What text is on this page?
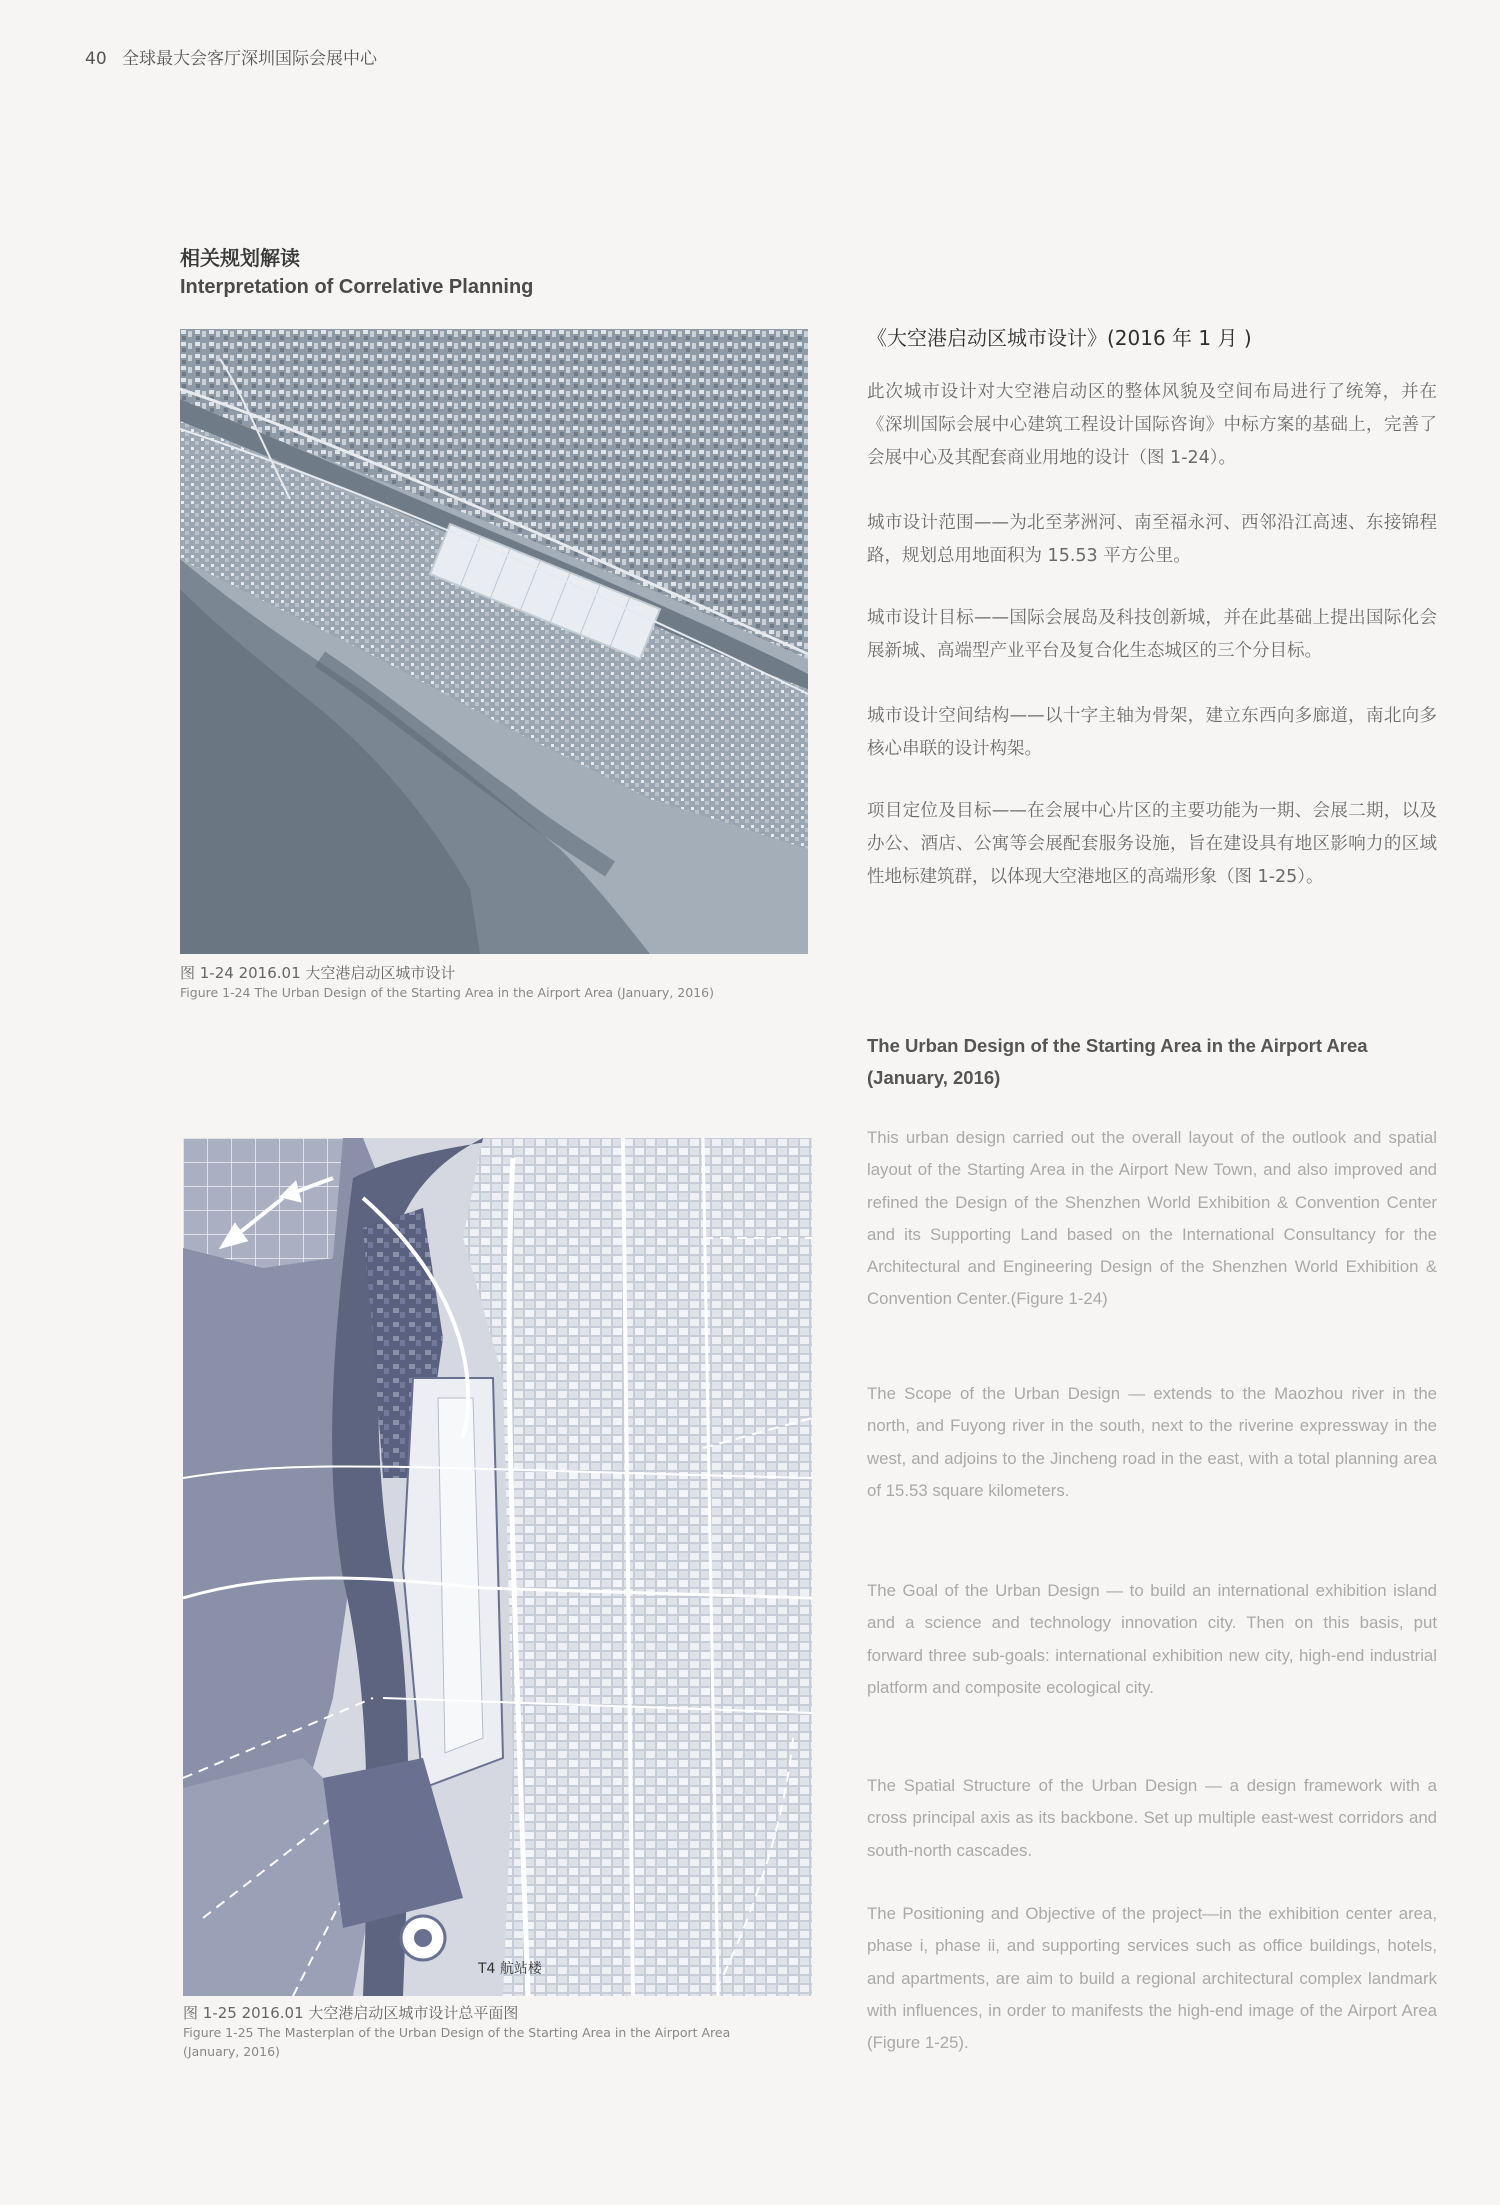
40 全球最大会客厅深圳国际会展中心
相关规划解读
Interpretation of Correlative Planning
图 1-24 2016.01 大空港启动区城市设计
Figure 1-24 The Urban Design of the Starting Area in the Airport Area (January, 2016)
T4 航站楼
图 1-25 2016.01 大空港启动区城市设计总平面图
Figure 1-25 The Masterplan of the Urban Design of the Starting Area in the Airport Area
(January, 2016)
《大空港启动区城市设计》(2016 年 1 月 )

此次城市设计对大空港启动区的整体风貌及空间布局进行了统筹，并在《深圳国际会展中心建筑工程设计国际咨询》中标方案的基础上，完善了会展中心及其配套商业用地的设计（图 1-24）。

城市设计范围——为北至茅洲河、南至福永河、西邻沿江高速、东接锦程路，规划总用地面积为 15.53 平方公里。

城市设计目标——国际会展岛及科技创新城，并在此基础上提出国际化会展新城、高端型产业平台及复合化生态城区的三个分目标。

城市设计空间结构——以十字主轴为骨架，建立东西向多廊道，南北向多核心串联的设计构架。

项目定位及目标——在会展中心片区的主要功能为一期、会展二期，以及办公、酒店、公寓等会展配套服务设施，旨在建设具有地区影响力的区域性地标建筑群，以体现大空港地区的高端形象（图 1-25）。

The Urban Design of the Starting Area in the Airport Area (January, 2016)

This urban design carried out the overall layout of the outlook and spatial layout of the Starting Area in the Airport New Town, and also improved and refined the Design of the Shenzhen World Exhibition & Convention Center and its Supporting Land based on the International Consultancy for the Architectural and Engineering Design of the Shenzhen World Exhibition & Convention Center.(Figure 1-24)

The Scope of the Urban Design — extends to the Maozhou river in the north, and Fuyong river in the south, next to the riverine expressway in the west, and adjoins to the Jincheng road in the east, with a total planning area of 15.53 square kilometers.

The Goal of the Urban Design — to build an international exhibition island and a science and technology innovation city. Then on this basis, put forward three sub-goals: international exhibition new city, high-end industrial platform and composite ecological city.

The Spatial Structure of the Urban Design — a design framework with a cross principal axis as its backbone. Set up multiple east-west corridors and south-north cascades.

The Positioning and Objective of the project—in the exhibition center area, phase i, phase ii, and supporting services such as office buildings, hotels, and apartments, are aim to build a regional architectural complex landmark with influences, in order to manifests the high-end image of the Airport Area (Figure 1-25).
